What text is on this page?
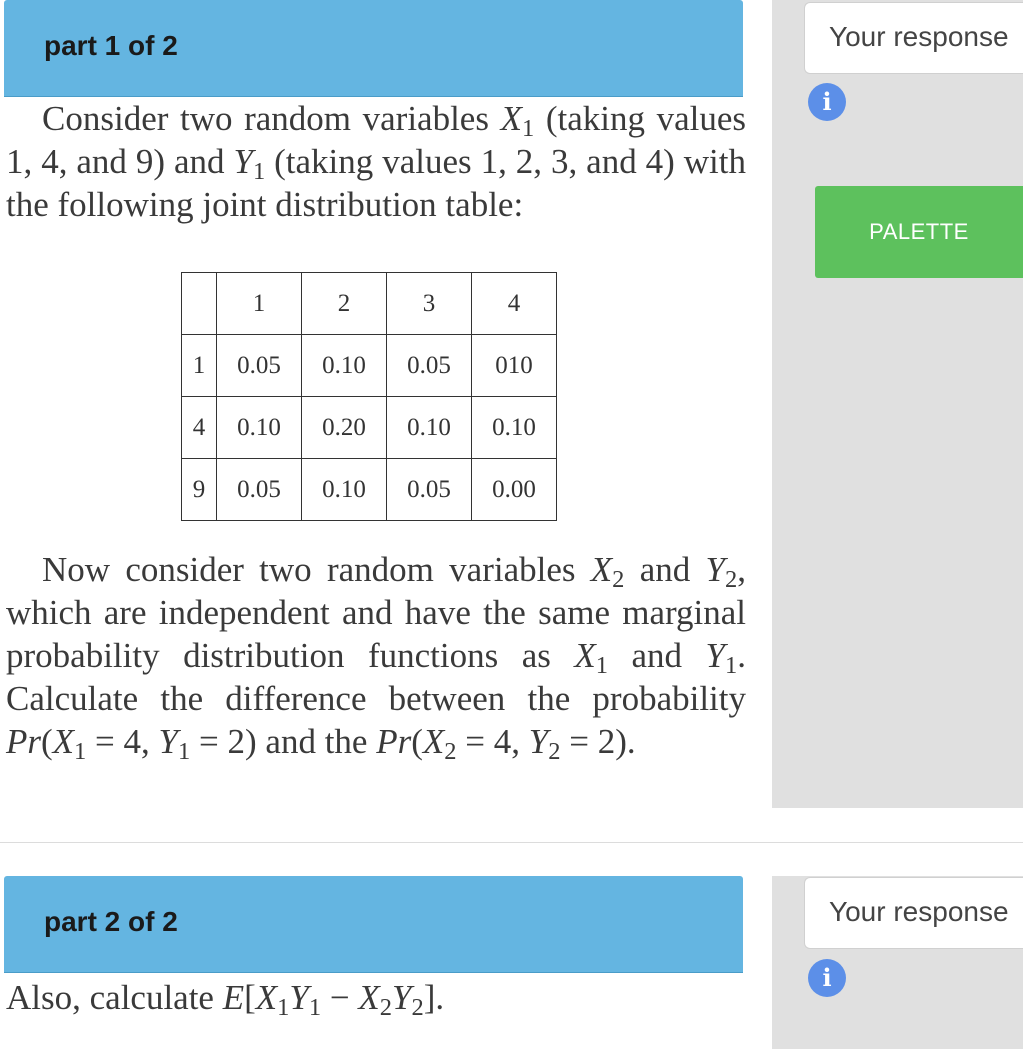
part 1 of 2	Your response
i
PALETTE

Consider two random variables $X_1$ (taking values 1, 4, and 9) and $Y_1$ (taking values 1, 2, 3, and 4) with the following joint distribution table:

	1	2	3	4
1	0.05	0.10	0.05	010
4	0.10	0.20	0.10	0.10
9	0.05	0.10	0.05	0.00

Now consider two random variables $X_2$ and $Y_2$, which are independent and have the same marginal probability distribution functions as $X_1$ and $Y_1$. Calculate the difference between the probability $Pr(X_1 = 4$, $Y_1 = 2$) and the $Pr(X_2 = 4$, $Y_2 = 2$).

part 2 of 2	Your response
i

Also, calculate $E[X_1Y_1 - X_2Y_2]$.
